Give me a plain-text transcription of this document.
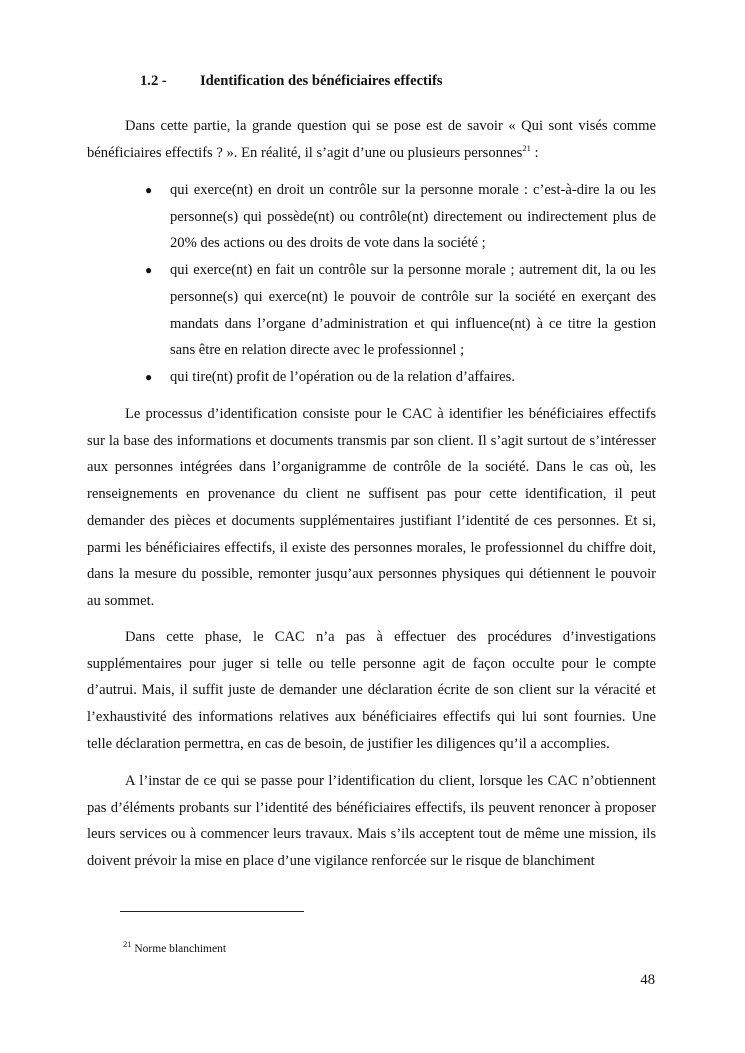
1.2 - Identification des bénéficiaires effectifs

Dans cette partie, la grande question qui se pose est de savoir « Qui sont visés comme bénéficiaires effectifs ? ». En réalité, il s’agit d’une ou plusieurs personnes$^{21}$ :

● qui exerce(nt) en droit un contrôle sur la personne morale : c’est-à-dire la ou les personne(s) qui possède(nt) ou contrôle(nt) directement ou indirectement plus de 20% des actions ou des droits de vote dans la société ;
● qui exerce(nt) en fait un contrôle sur la personne morale ; autrement dit, la ou les personne(s) qui exerce(nt) le pouvoir de contrôle sur la société en exerçant des mandats dans l’organe d’administration et qui influence(nt) à ce titre la gestion sans être en relation directe avec le professionnel ;
● qui tire(nt) profit de l’opération ou de la relation d’affaires.

Le processus d’identification consiste pour le CAC à identifier les bénéficiaires effectifs sur la base des informations et documents transmis par son client. Il s’agit surtout de s’intéresser aux personnes intégrées dans l’organigramme de contrôle de la société. Dans le cas où, les renseignements en provenance du client ne suffisent pas pour cette identification, il peut demander des pièces et documents supplémentaires justifiant l’identité de ces personnes. Et si, parmi les bénéficiaires effectifs, il existe des personnes morales, le professionnel du chiffre doit, dans la mesure du possible, remonter jusqu’aux personnes physiques qui détiennent le pouvoir au sommet.

Dans cette phase, le CAC n’a pas à effectuer des procédures d’investigations supplémentaires pour juger si telle ou telle personne agit de façon occulte pour le compte d’autrui. Mais, il suffit juste de demander une déclaration écrite de son client sur la véracité et l’exhaustivité des informations relatives aux bénéficiaires effectifs qui lui sont fournies. Une telle déclaration permettra, en cas de besoin, de justifier les diligences qu’il a accomplies.

A l’instar de ce qui se passe pour l’identification du client, lorsque les CAC n’obtiennent pas d’éléments probants sur l’identité des bénéficiaires effectifs, ils peuvent renoncer à proposer leurs services ou à commencer leurs travaux. Mais s’ils acceptent tout de même une mission, ils doivent prévoir la mise en place d’une vigilance renforcée sur le risque de blanchiment

$^{21}$ Norme blanchiment
48
